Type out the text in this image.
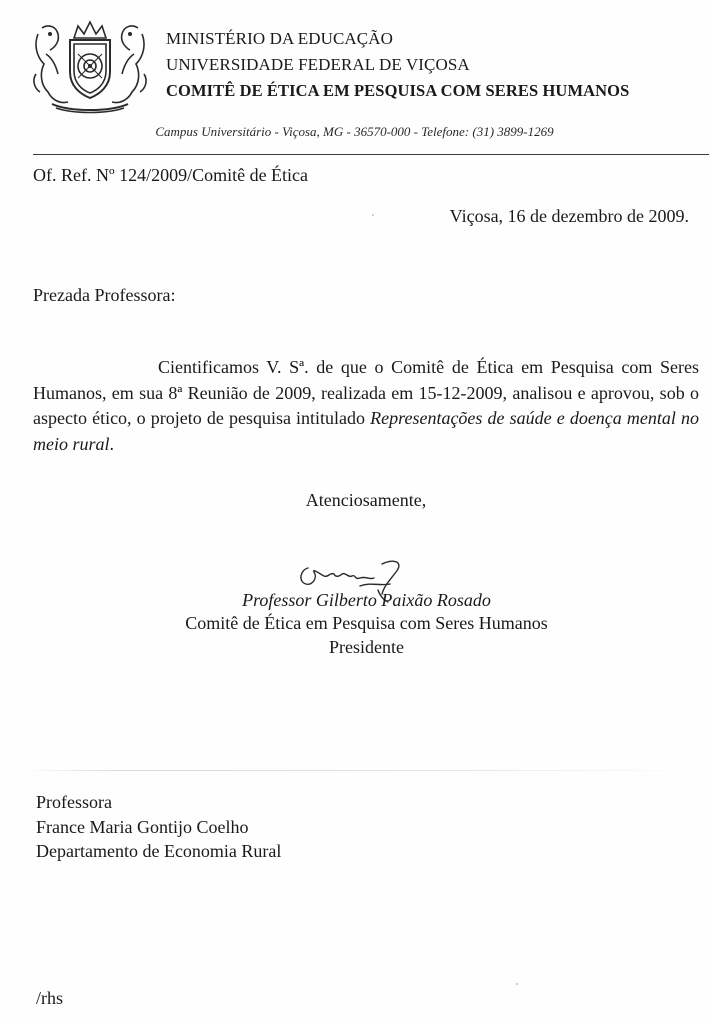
MINISTÉRIO DA EDUCAÇÃO
UNIVERSIDADE FEDERAL DE VIÇOSA
COMITÊ DE ÉTICA EM PESQUISA COM SERES HUMANOS
Campus Universitário - Viçosa, MG - 36570-000 - Telefone: (31) 3899-1269
Of. Ref. Nº 124/2009/Comitê de Ética
Viçosa, 16 de dezembro de 2009.
Prezada Professora:
Cientificamos V. Sª. de que o Comitê de Ética em Pesquisa com Seres Humanos, em sua 8ª Reunião de 2009, realizada em 15-12-2009, analisou e aprovou, sob o aspecto ético, o projeto de pesquisa intitulado Representações de saúde e doença mental no meio rural.
Atenciosamente,
Professor Gilberto Paixão Rosado
Comitê de Ética em Pesquisa com Seres Humanos
Presidente
Professora
France Maria Gontijo Coelho
Departamento de Economia Rural
/rhs
